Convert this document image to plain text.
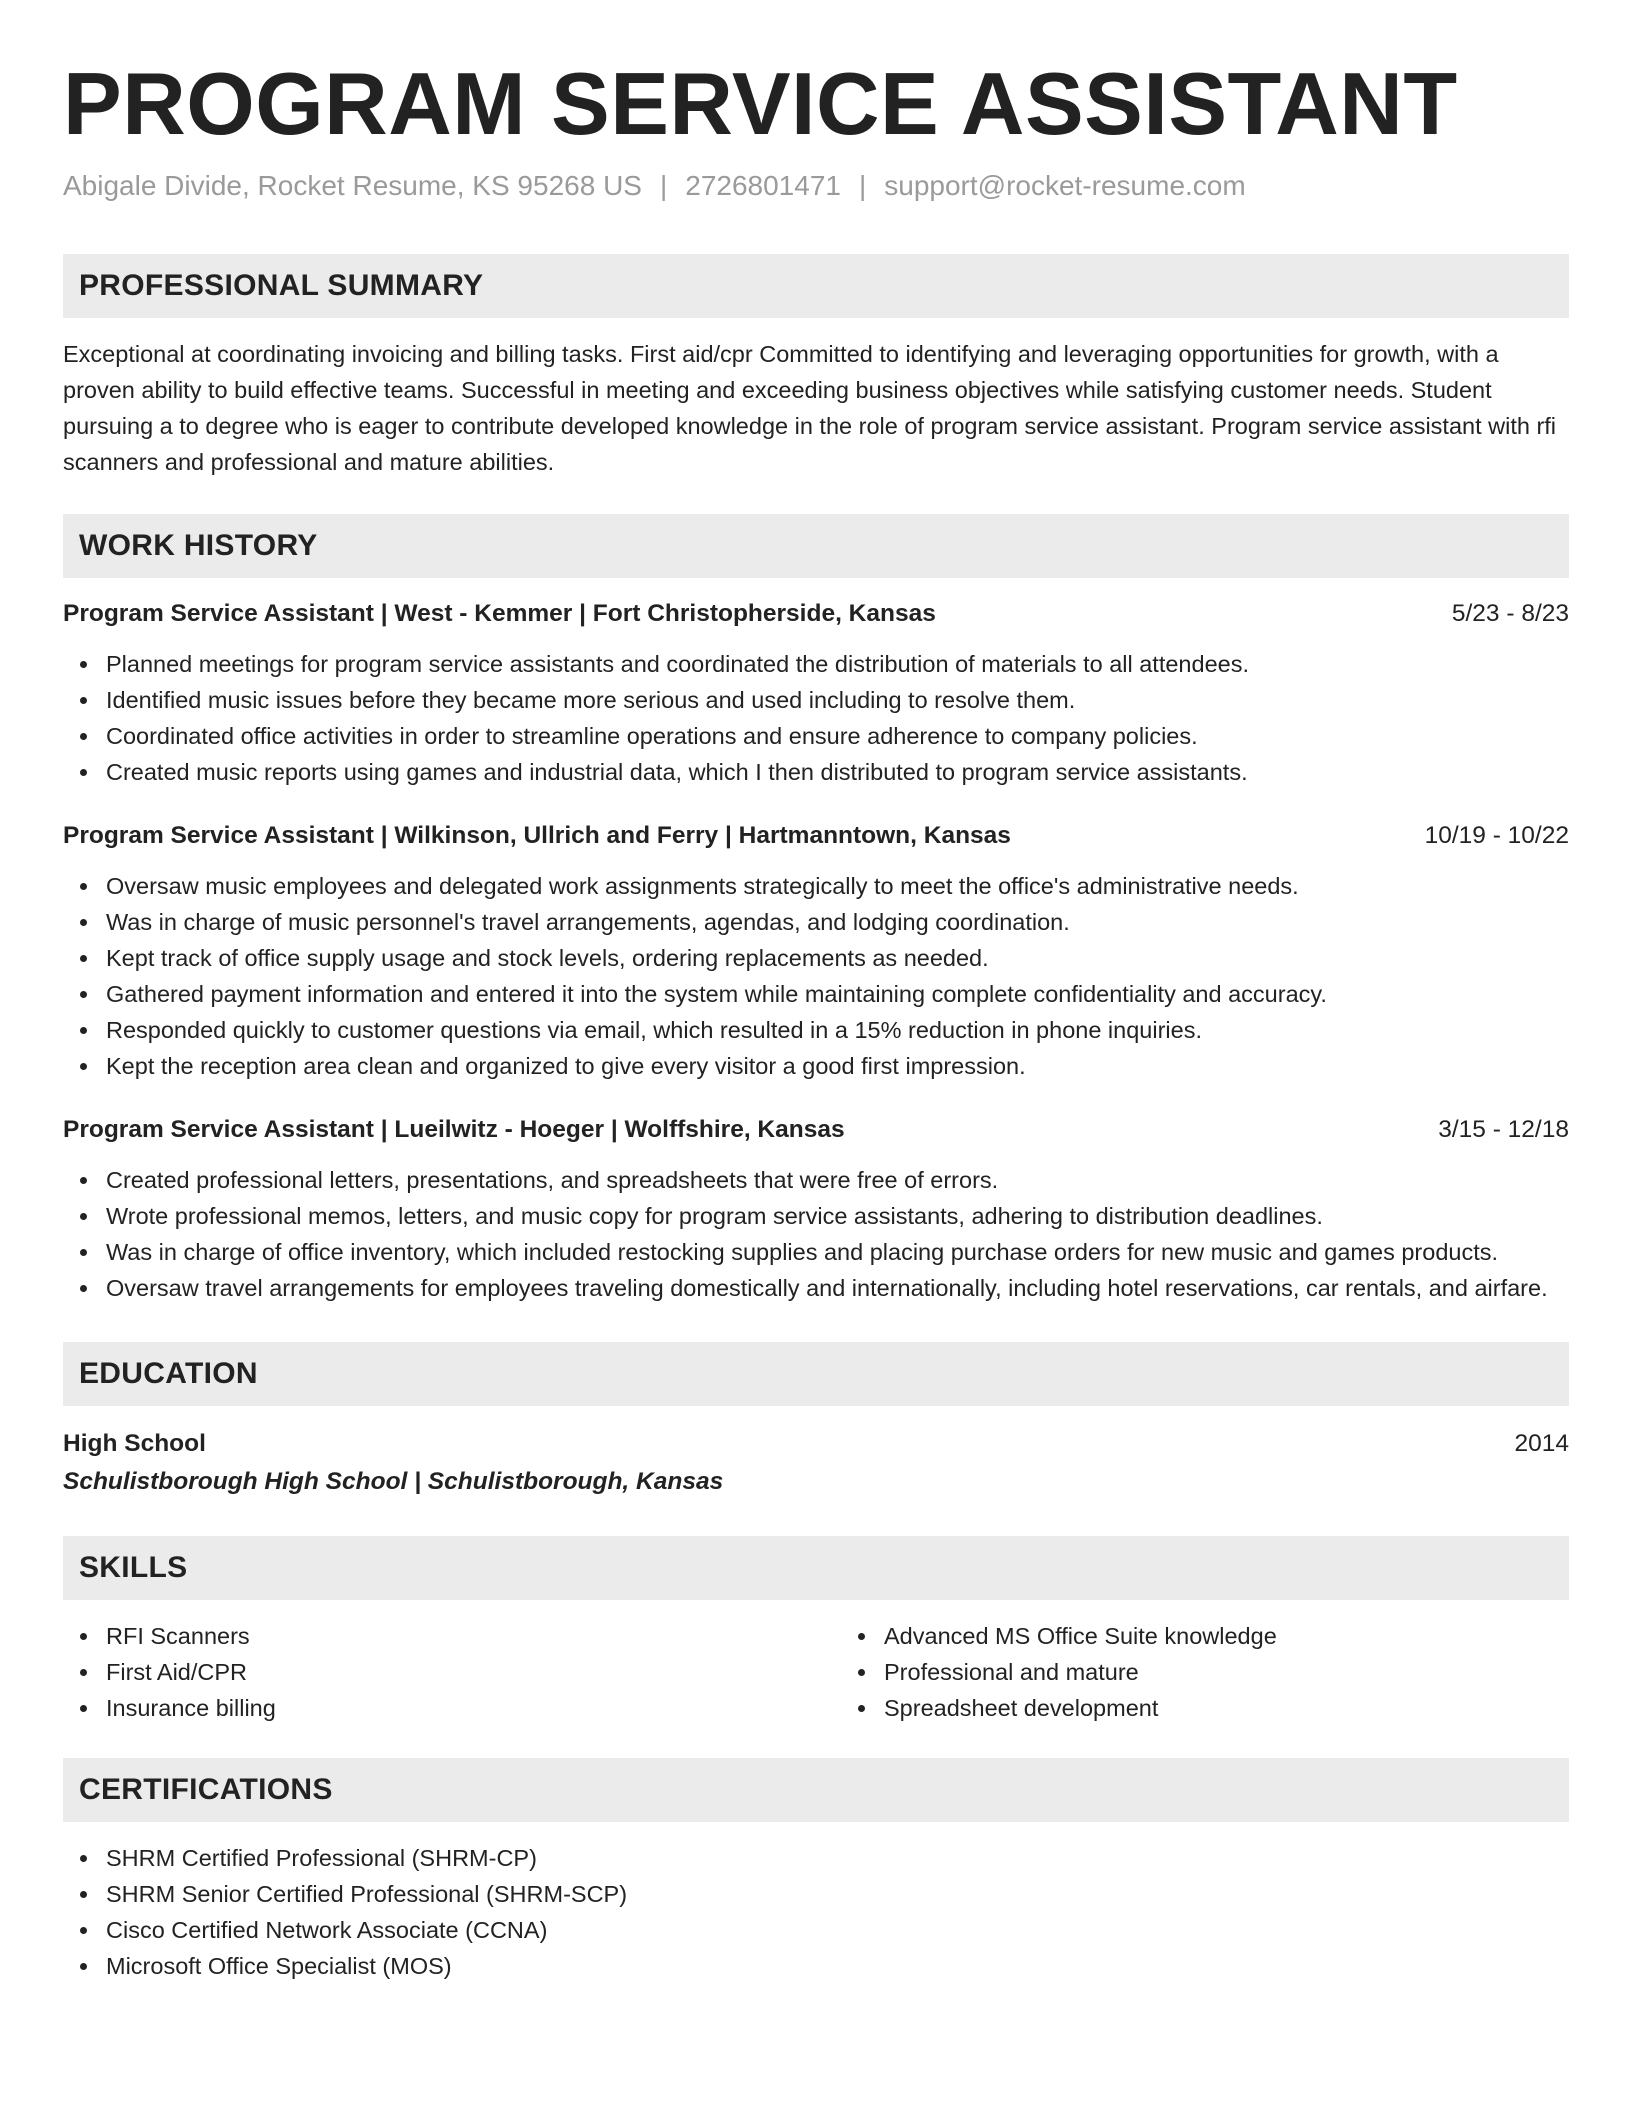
PROGRAM SERVICE ASSISTANT
Abigale Divide, Rocket Resume, KS 95268 US | 2726801471 | support@rocket-resume.com
PROFESSIONAL SUMMARY

Exceptional at coordinating invoicing and billing tasks. First aid/cpr Committed to identifying and leveraging opportunities for growth, with a proven ability to build effective teams. Successful in meeting and exceeding business objectives while satisfying customer needs. Student pursuing a to degree who is eager to contribute developed knowledge in the role of program service assistant. Program service assistant with rfi scanners and professional and mature abilities.

WORK HISTORY
Program Service Assistant | West - Kemmer | Fort Christopherside, Kansas	5/23 - 8/23
Planned meetings for program service assistants and coordinated the distribution of materials to all attendees.
Identified music issues before they became more serious and used including to resolve them.
Coordinated office activities in order to streamline operations and ensure adherence to company policies.
Created music reports using games and industrial data, which I then distributed to program service assistants.
Program Service Assistant | Wilkinson, Ullrich and Ferry | Hartmanntown, Kansas	10/19 - 10/22
Oversaw music employees and delegated work assignments strategically to meet the office's administrative needs.
Was in charge of music personnel's travel arrangements, agendas, and lodging coordination.
Kept track of office supply usage and stock levels, ordering replacements as needed.
Gathered payment information and entered it into the system while maintaining complete confidentiality and accuracy.
Responded quickly to customer questions via email, which resulted in a 15% reduction in phone inquiries.
Kept the reception area clean and organized to give every visitor a good first impression.
Program Service Assistant | Lueilwitz - Hoeger | Wolffshire, Kansas	3/15 - 12/18
Created professional letters, presentations, and spreadsheets that were free of errors.
Wrote professional memos, letters, and music copy for program service assistants, adhering to distribution deadlines.
Was in charge of office inventory, which included restocking supplies and placing purchase orders for new music and games products.
Oversaw travel arrangements for employees traveling domestically and internationally, including hotel reservations, car rentals, and airfare.
EDUCATION
High School	2014
Schulistborough High School | Schulistborough, Kansas
SKILLS
RFI Scanners
First Aid/CPR
Insurance billing
Advanced MS Office Suite knowledge
Professional and mature
Spreadsheet development
CERTIFICATIONS
SHRM Certified Professional (SHRM-CP)
SHRM Senior Certified Professional (SHRM-SCP)
Cisco Certified Network Associate (CCNA)
Microsoft Office Specialist (MOS)
